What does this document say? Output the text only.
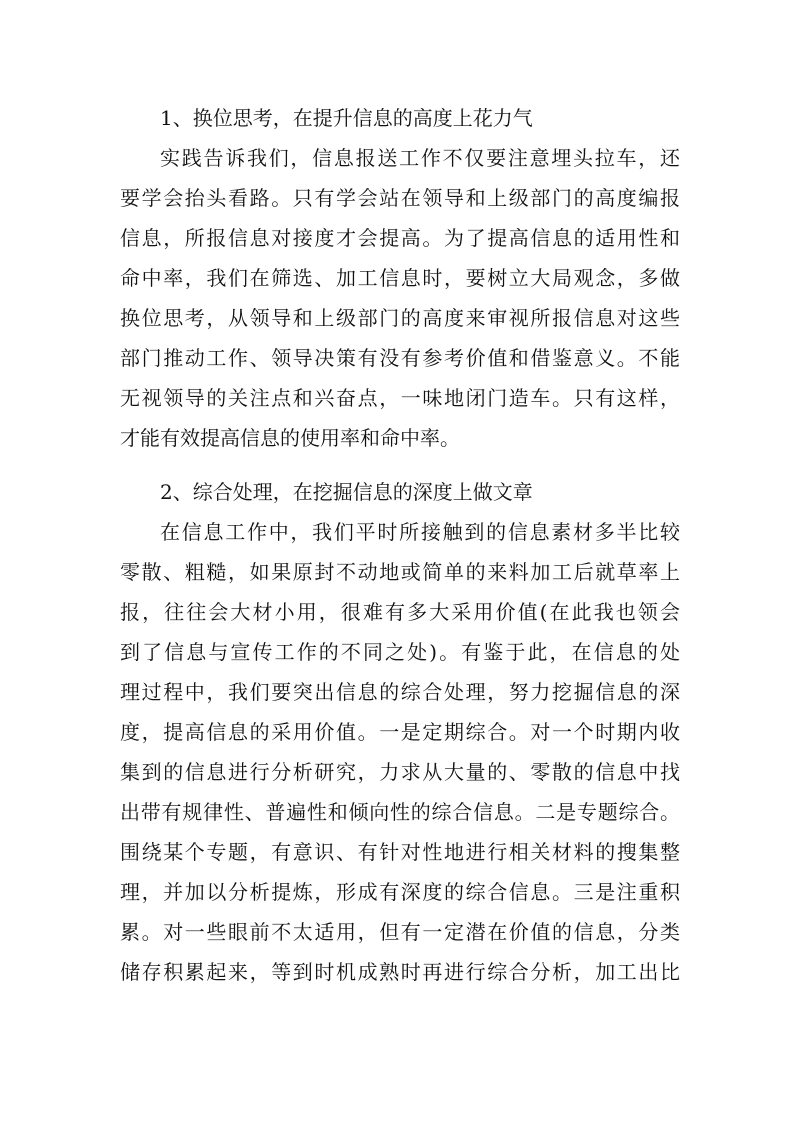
1、换位思考，在提升信息的高度上花力气
实践告诉我们，信息报送工作不仅要注意埋头拉车，还
要学会抬头看路。只有学会站在领导和上级部门的高度编报
信息，所报信息对接度才会提高。为了提高信息的适用性和
命中率，我们在筛选、加工信息时，要树立大局观念，多做
换位思考，从领导和上级部门的高度来审视所报信息对这些
部门推动工作、领导决策有没有参考价值和借鉴意义。不能
无视领导的关注点和兴奋点，一味地闭门造车。只有这样，
才能有效提高信息的使用率和命中率。
2、综合处理，在挖掘信息的深度上做文章
在信息工作中，我们平时所接触到的信息素材多半比较
零散、粗糙，如果原封不动地或简单的来料加工后就草率上
报，往往会大材小用，很难有多大采用价值(在此我也领会
到了信息与宣传工作的不同之处)。有鉴于此，在信息的处
理过程中，我们要突出信息的综合处理，努力挖掘信息的深
度，提高信息的采用价值。一是定期综合。对一个时期内收
集到的信息进行分析研究，力求从大量的、零散的信息中找
出带有规律性、普遍性和倾向性的综合信息。二是专题综合。
围绕某个专题，有意识、有针对性地进行相关材料的搜集整
理，并加以分析提炼，形成有深度的综合信息。三是注重积
累。对一些眼前不太适用，但有一定潜在价值的信息，分类
储存积累起来，等到时机成熟时再进行综合分析，加工出比
